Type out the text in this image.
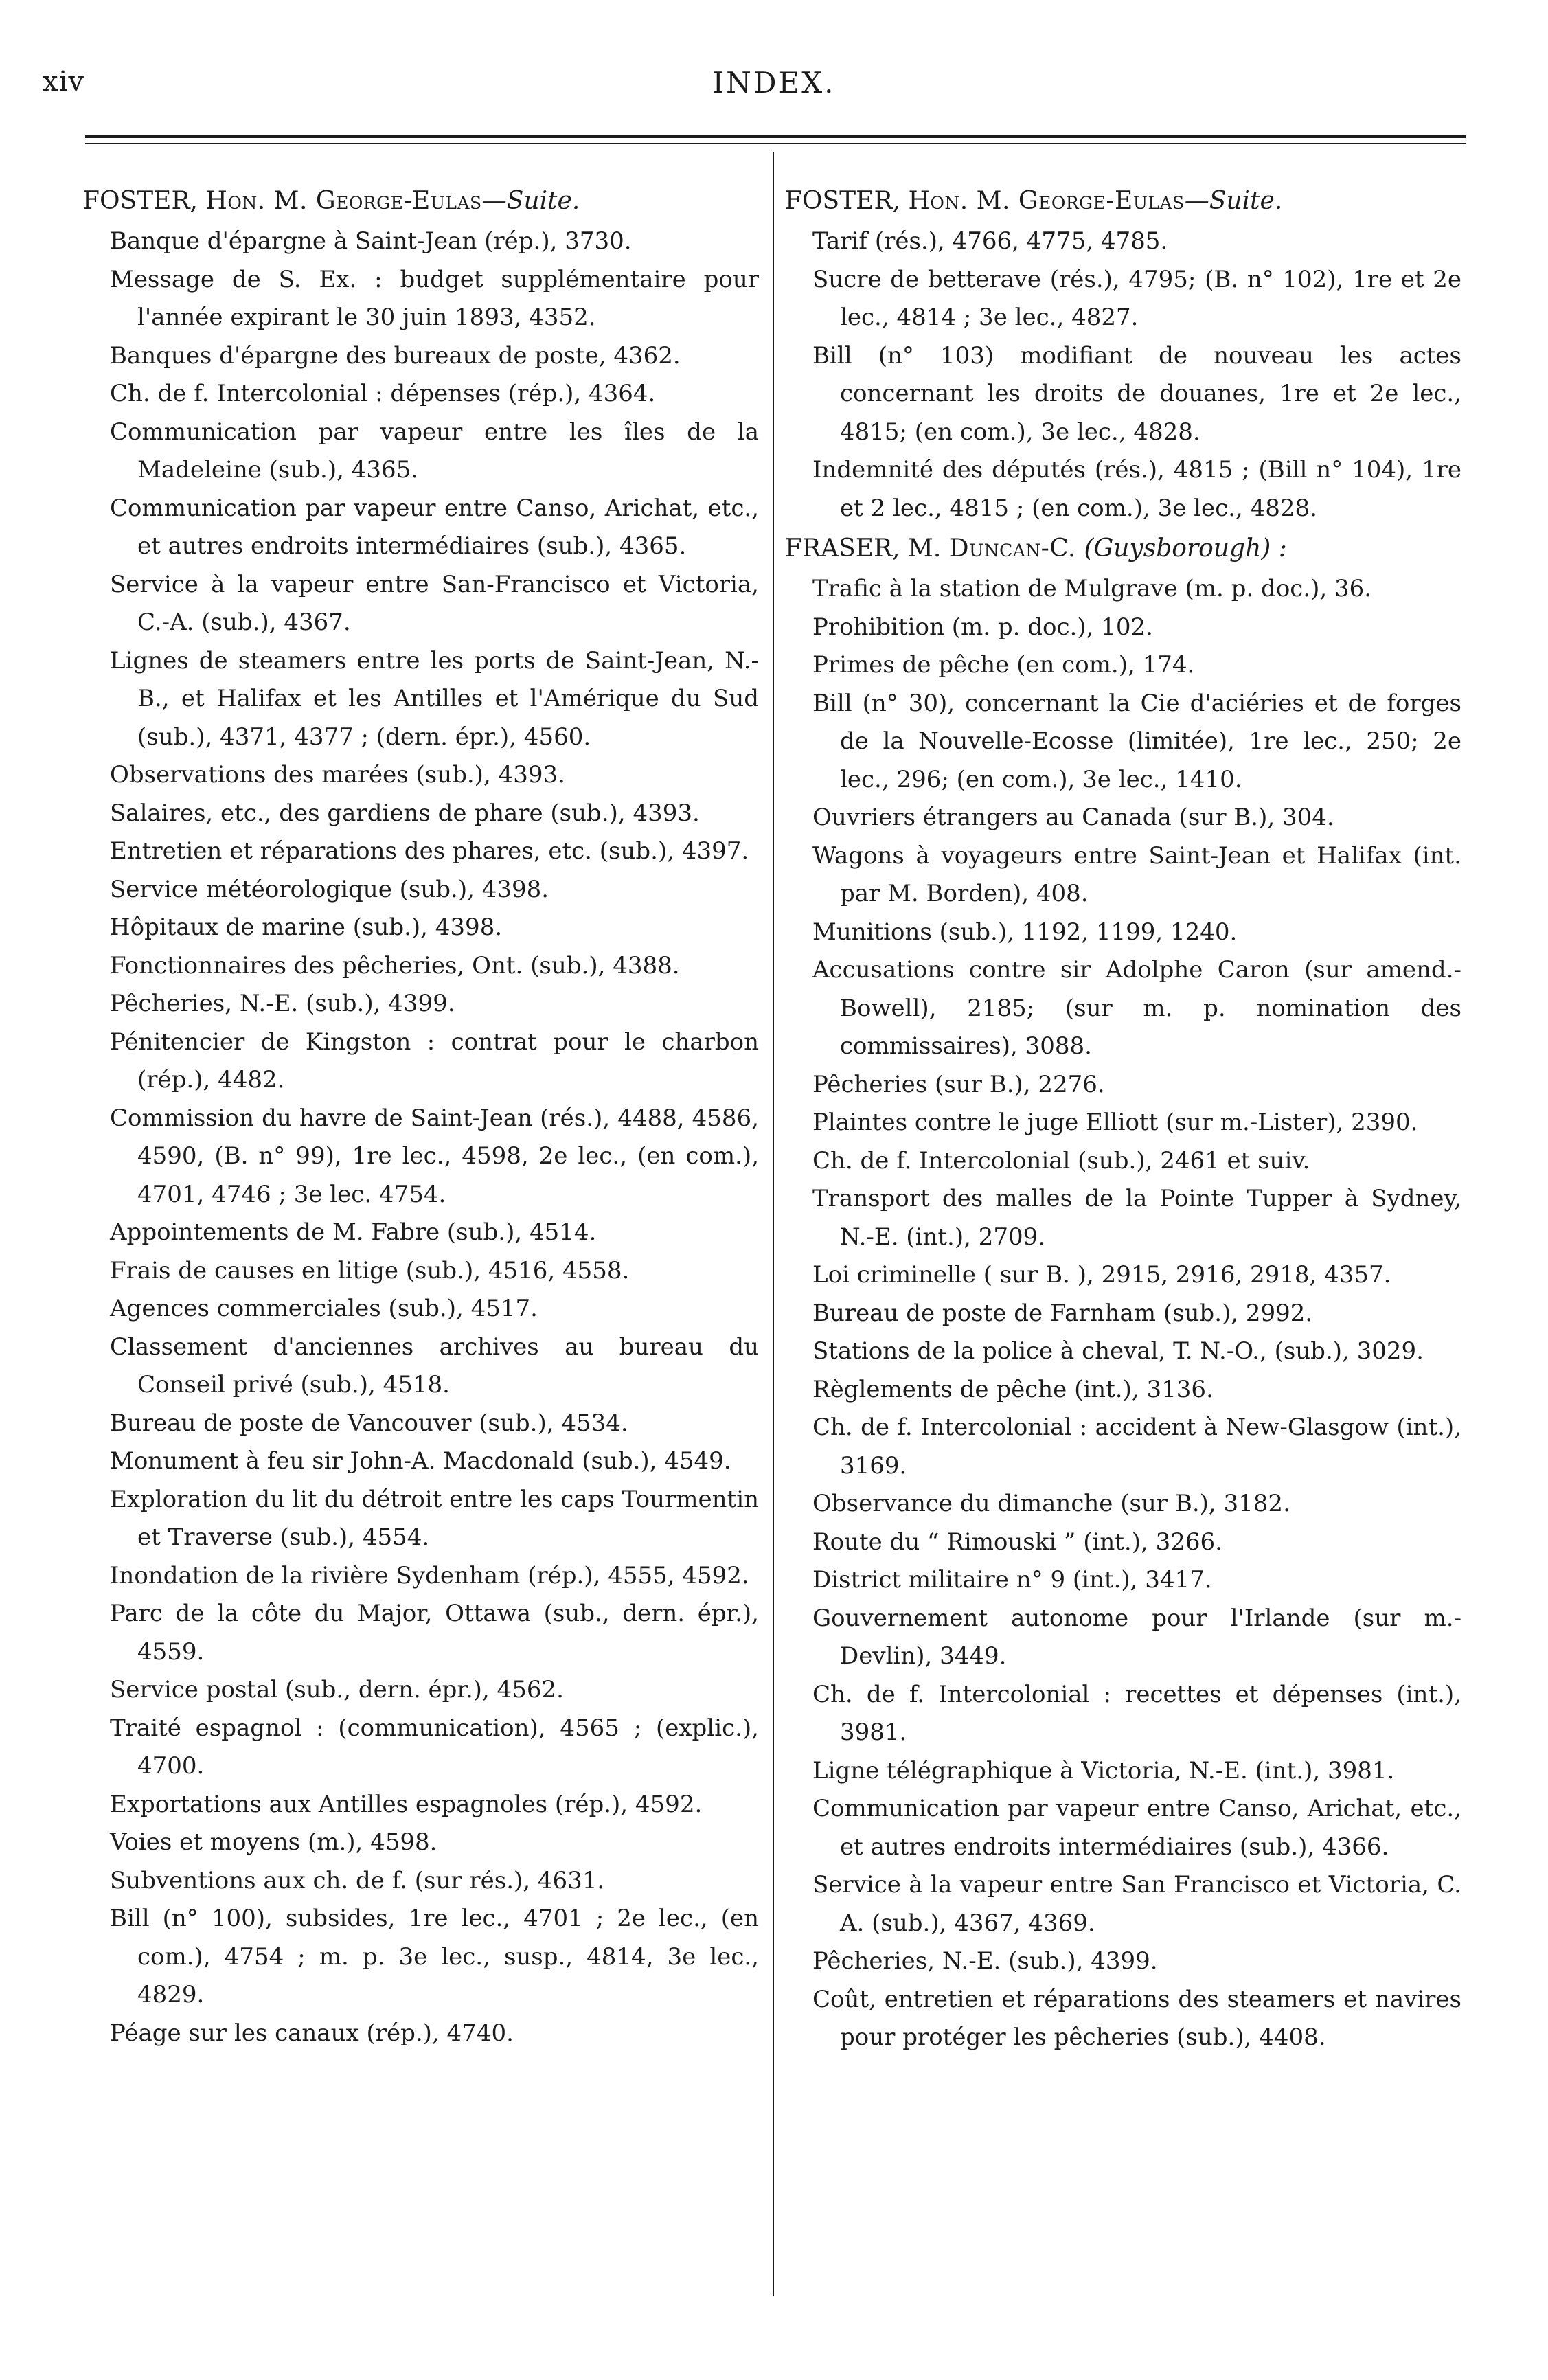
xiv	INDEX.

FOSTER, Hon. M. George-Eulas—Suite.

Banque d'épargne à Saint-Jean (rép.), 3730.
Message de S. Ex. : budget supplémentaire pour l'année expirant le 30 juin 1893, 4352.
Banques d'épargne des bureaux de poste, 4362.
Ch. de f. Intercolonial : dépenses (rép.), 4364.
Communication par vapeur entre les îles de la Madeleine (sub.), 4365.
Communication par vapeur entre Canso, Arichat, etc., et autres endroits intermédiaires (sub.), 4365.
Service à la vapeur entre San-Francisco et Victoria, C.-A. (sub.), 4367.
Lignes de steamers entre les ports de Saint-Jean, N.-B., et Halifax et les Antilles et l'Amérique du Sud (sub.), 4371, 4377 ; (dern. épr.), 4560.
Observations des marées (sub.), 4393.
Salaires, etc., des gardiens de phare (sub.), 4393.
Entretien et réparations des phares, etc. (sub.), 4397.
Service météorologique (sub.), 4398.
Hôpitaux de marine (sub.), 4398.
Fonctionnaires des pêcheries, Ont. (sub.), 4388.
Pêcheries, N.-E. (sub.), 4399.
Pénitencier de Kingston : contrat pour le charbon (rép.), 4482.
Commission du havre de Saint-Jean (rés.), 4488, 4586, 4590, (B. n° 99), 1re lec., 4598, 2e lec., (en com.), 4701, 4746 ; 3e lec. 4754.
Appointements de M. Fabre (sub.), 4514.
Frais de causes en litige (sub.), 4516, 4558.
Agences commerciales (sub.), 4517.
Classement d'anciennes archives au bureau du Conseil privé (sub.), 4518.
Bureau de poste de Vancouver (sub.), 4534.
Monument à feu sir John-A. Macdonald (sub.), 4549.
Exploration du lit du détroit entre les caps Tourmentin et Traverse (sub.), 4554.
Inondation de la rivière Sydenham (rép.), 4555, 4592.
Parc de la côte du Major, Ottawa (sub., dern. épr.), 4559.
Service postal (sub., dern. épr.), 4562.
Traité espagnol : (communication), 4565 ; (explic.), 4700.
Exportations aux Antilles espagnoles (rép.), 4592.
Voies et moyens (m.), 4598.
Subventions aux ch. de f. (sur rés.), 4631.
Bill (n° 100), subsides, 1re lec., 4701 ; 2e lec., (en com.), 4754 ; m. p. 3e lec., susp., 4814, 3e lec., 4829.
Péage sur les canaux (rép.), 4740.

FOSTER, Hon. M. George-Eulas—Suite.

Tarif (rés.), 4766, 4775, 4785.
Sucre de betterave (rés.), 4795; (B. n° 102), 1re et 2e lec., 4814 ; 3e lec., 4827.
Bill (n° 103) modifiant de nouveau les actes concernant les droits de douanes, 1re et 2e lec., 4815; (en com.), 3e lec., 4828.
Indemnité des députés (rés.), 4815 ; (Bill n° 104), 1re et 2 lec., 4815 ; (en com.), 3e lec., 4828.

FRASER, M. Duncan-C. (Guysborough) :

Trafic à la station de Mulgrave (m. p. doc.), 36.
Prohibition (m. p. doc.), 102.
Primes de pêche (en com.), 174.
Bill (n° 30), concernant la Cie d'aciéries et de forges de la Nouvelle-Ecosse (limitée), 1re lec., 250; 2e lec., 296; (en com.), 3e lec., 1410.
Ouvriers étrangers au Canada (sur B.), 304.
Wagons à voyageurs entre Saint-Jean et Halifax (int. par M. Borden), 408.
Munitions (sub.), 1192, 1199, 1240.
Accusations contre sir Adolphe Caron (sur amend.-Bowell), 2185; (sur m. p. nomination des commissaires), 3088.
Pêcheries (sur B.), 2276.
Plaintes contre le juge Elliott (sur m.-Lister), 2390.
Ch. de f. Intercolonial (sub.), 2461 et suiv.
Transport des malles de la Pointe Tupper à Sydney, N.-E. (int.), 2709.
Loi criminelle ( sur B. ), 2915, 2916, 2918, 4357.
Bureau de poste de Farnham (sub.), 2992.
Stations de la police à cheval, T. N.-O., (sub.), 3029.
Règlements de pêche (int.), 3136.
Ch. de f. Intercolonial : accident à New-Glasgow (int.), 3169.
Observance du dimanche (sur B.), 3182.
Route du “ Rimouski ” (int.), 3266.
District militaire n° 9 (int.), 3417.
Gouvernement autonome pour l'Irlande (sur m.-Devlin), 3449.
Ch. de f. Intercolonial : recettes et dépenses (int.), 3981.
Ligne télégraphique à Victoria, N.-E. (int.), 3981.
Communication par vapeur entre Canso, Arichat, etc., et autres endroits intermédiaires (sub.), 4366.
Service à la vapeur entre San Francisco et Victoria, C. A. (sub.), 4367, 4369.
Pêcheries, N.-E. (sub.), 4399.
Coût, entretien et réparations des steamers et navires pour protéger les pêcheries (sub.), 4408.
